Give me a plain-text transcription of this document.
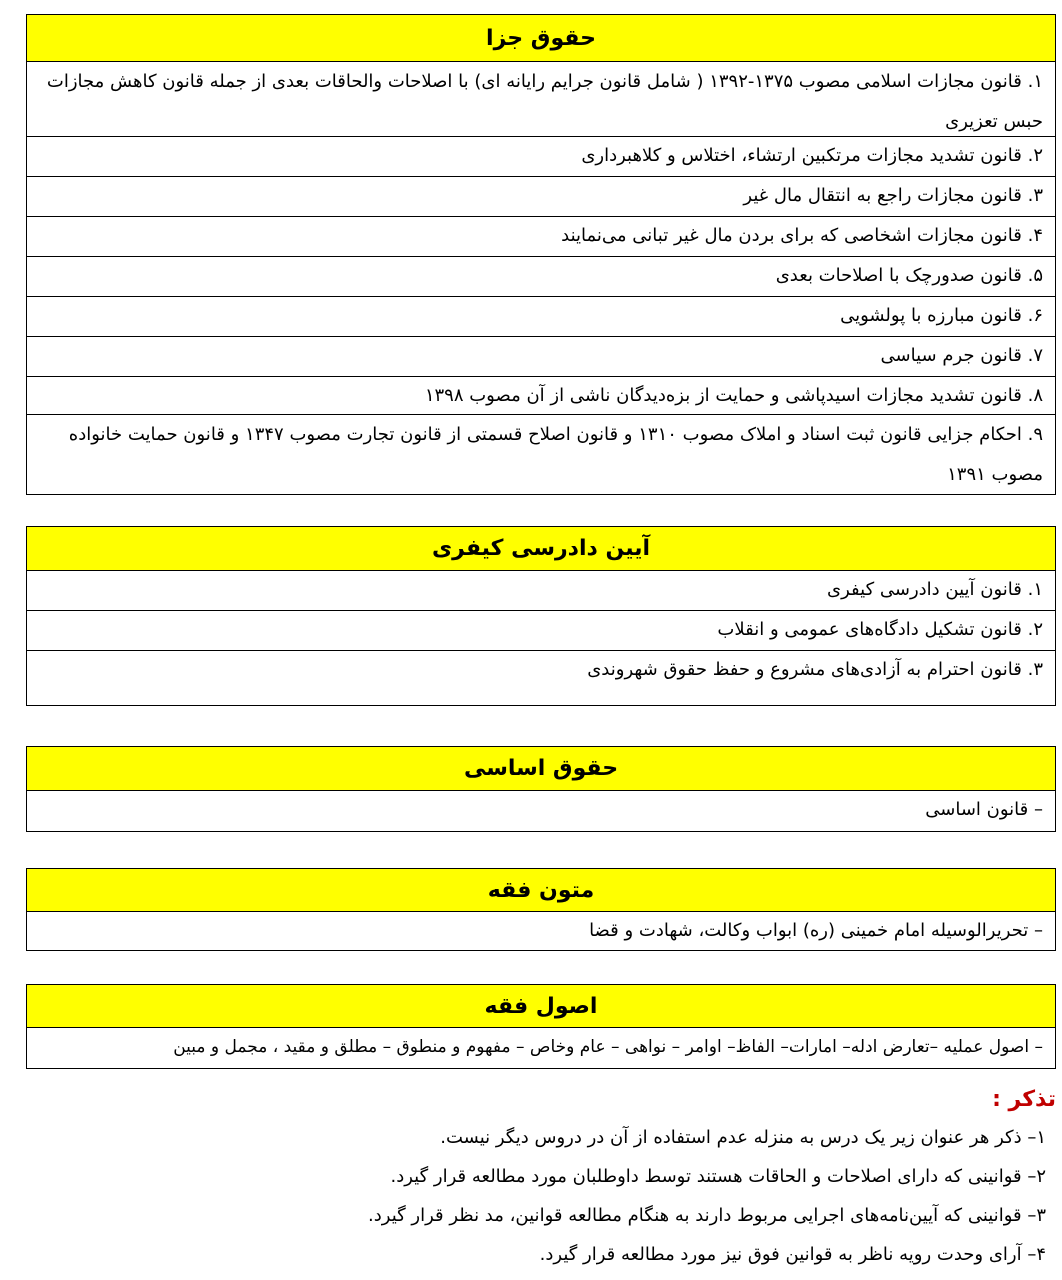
حقوق جزا
۱. قانون مجازات اسلامی مصوب ۱۳۷۵-۱۳۹۲ ( شامل قانون جرایم رایانه ای) با اصلاحات والحاقات بعدی از جمله قانون کاهش مجازات حبس تعزیری
۲. قانون تشدید مجازات مرتکبین ارتشاء، اختلاس و کلاهبرداری
۳. قانون مجازات راجع به انتقال مال غیر
۴. قانون مجازات اشخاصی که برای بردن مال غیر تبانی می‌نمایند
۵. قانون صدورچک با اصلاحات بعدی
۶. قانون مبارزه با پولشویی
۷. قانون جرم سیاسی
۸. قانون تشدید مجازات اسیدپاشی و حمایت از بزه‌دیدگان ناشی از آن مصوب ۱۳۹۸
۹. احکام جزایی قانون ثبت اسناد و املاک مصوب ۱۳۱۰ و قانون اصلاح قسمتی از قانون تجارت مصوب ۱۳۴۷ و قانون حمایت خانواده مصوب ۱۳۹۱
آیین دادرسی کیفری
۱. قانون آیین دادرسی کیفری
۲. قانون تشکیل دادگاه‌های عمومی و انقلاب
۳. قانون احترام به آزادی‌های مشروع و حفظ حقوق شهروندی
حقوق اساسی
– قانون اساسی
متون فقه
– تحریرالوسیله امام خمینی (ره) ابواب وکالت، شهادت و قضا
اصول فقه
– اصول عملیه –تعارض ادله– امارات– الفاظ– اوامر – نواهی – عام وخاص – مفهوم و منطوق – مطلق و مقید ، مجمل و مبین
تذکر :
۱– ذکر هر عنوان زیر یک درس به منزله عدم استفاده از آن در دروس دیگر نیست.
۲– قوانینی که دارای اصلاحات و الحاقات هستند توسط داوطلبان مورد مطالعه قرار گیرد.
۳– قوانینی که آیین‌نامه‌های اجرایی مربوط دارند به هنگام مطالعه قوانین، مد نظر قرار گیرد.
۴– آرای وحدت رویه ناظر به قوانین فوق نیز مورد مطالعه قرار گیرد.
